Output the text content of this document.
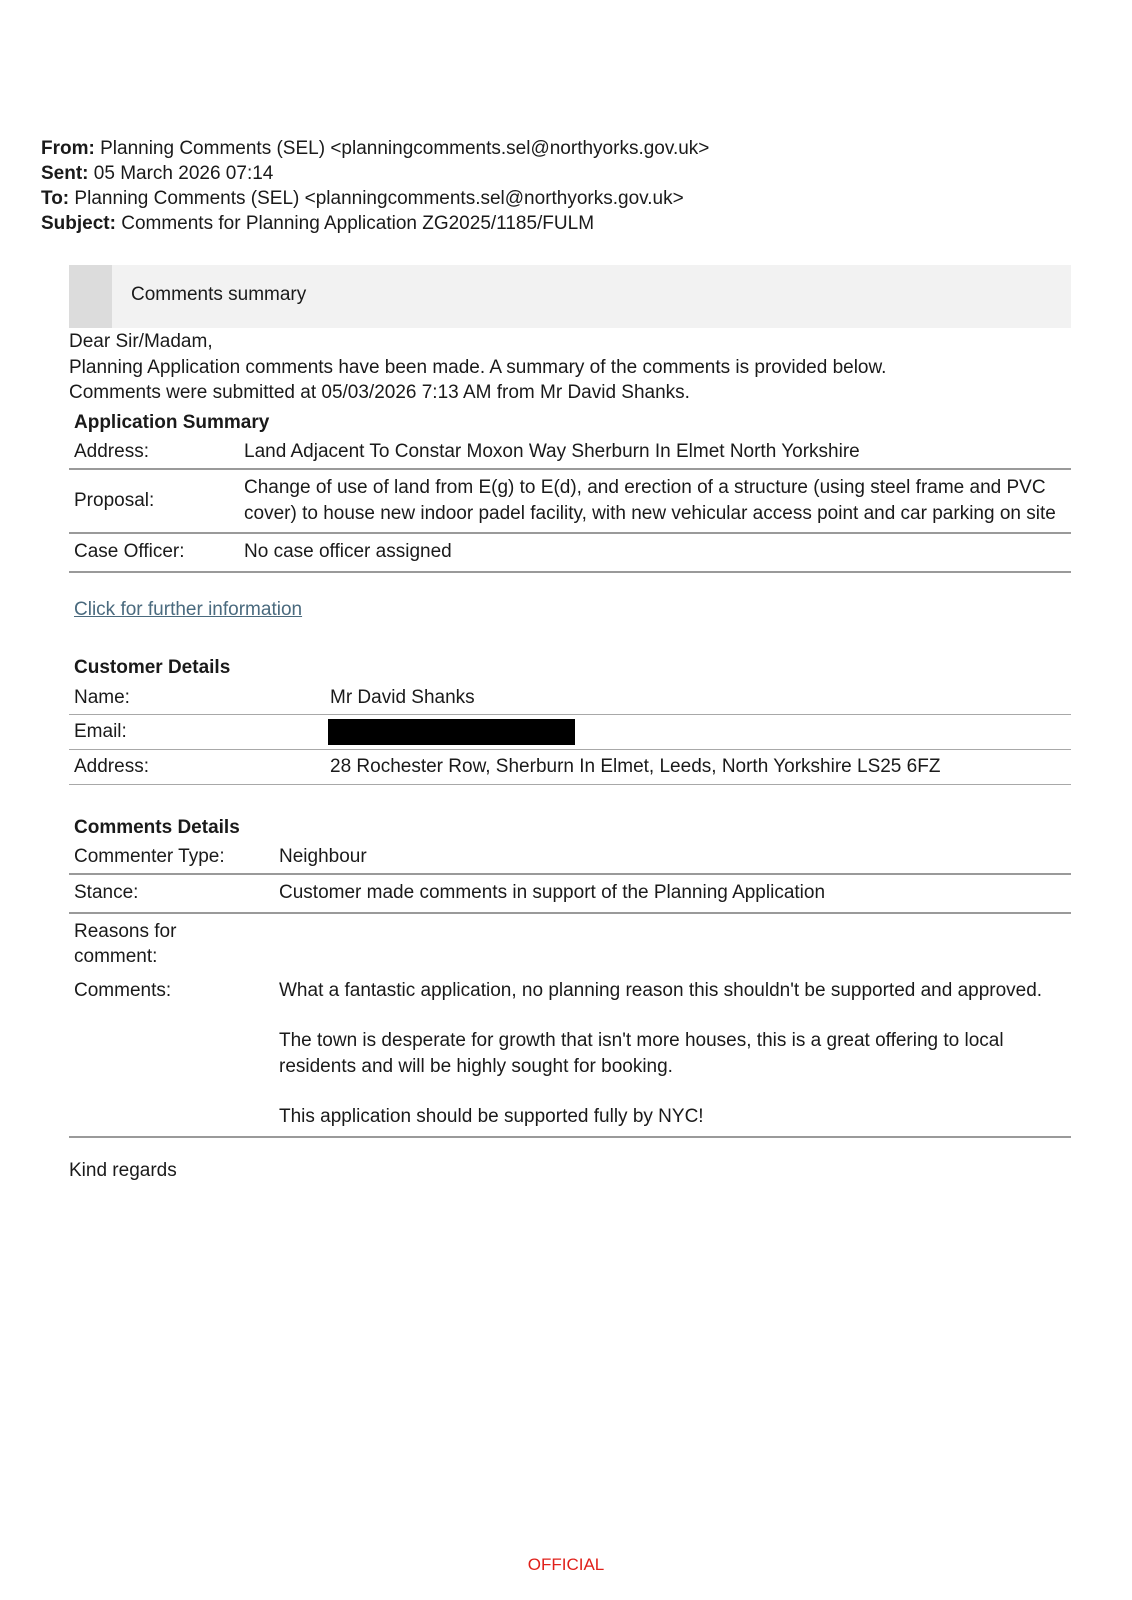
From: Planning Comments (SEL) <planningcomments.sel@northyorks.gov.uk>
Sent: 05 March 2026 07:14
To: Planning Comments (SEL) <planningcomments.sel@northyorks.gov.uk>
Subject: Comments for Planning Application ZG2025/1185/FULM
Comments summary
Dear Sir/Madam,
Planning Application comments have been made. A summary of the comments is provided below.
Comments were submitted at 05/03/2026 7:13 AM from Mr David Shanks.
Application Summary
Address:	Land Adjacent To Constar Moxon Way Sherburn In Elmet North Yorkshire
Proposal:	Change of use of land from E(g) to E(d), and erection of a structure (using steel frame and PVC cover) to house new indoor padel facility, with new vehicular access point and car parking on site
Case Officer:	No case officer assigned
Click for further information
Customer Details
Name:	Mr David Shanks
Email:	
Address:	28 Rochester Row, Sherburn In Elmet, Leeds, North Yorkshire LS25 6FZ
Comments Details
Commenter Type:	Neighbour
Stance:	Customer made comments in support of the Planning Application
Reasons for comment:	
Comments:	What a fantastic application, no planning reason this shouldn't be supported and approved.
The town is desperate for growth that isn't more houses, this is a great offering to local residents and will be highly sought for booking.
This application should be supported fully by NYC!
Kind regards
OFFICIAL
